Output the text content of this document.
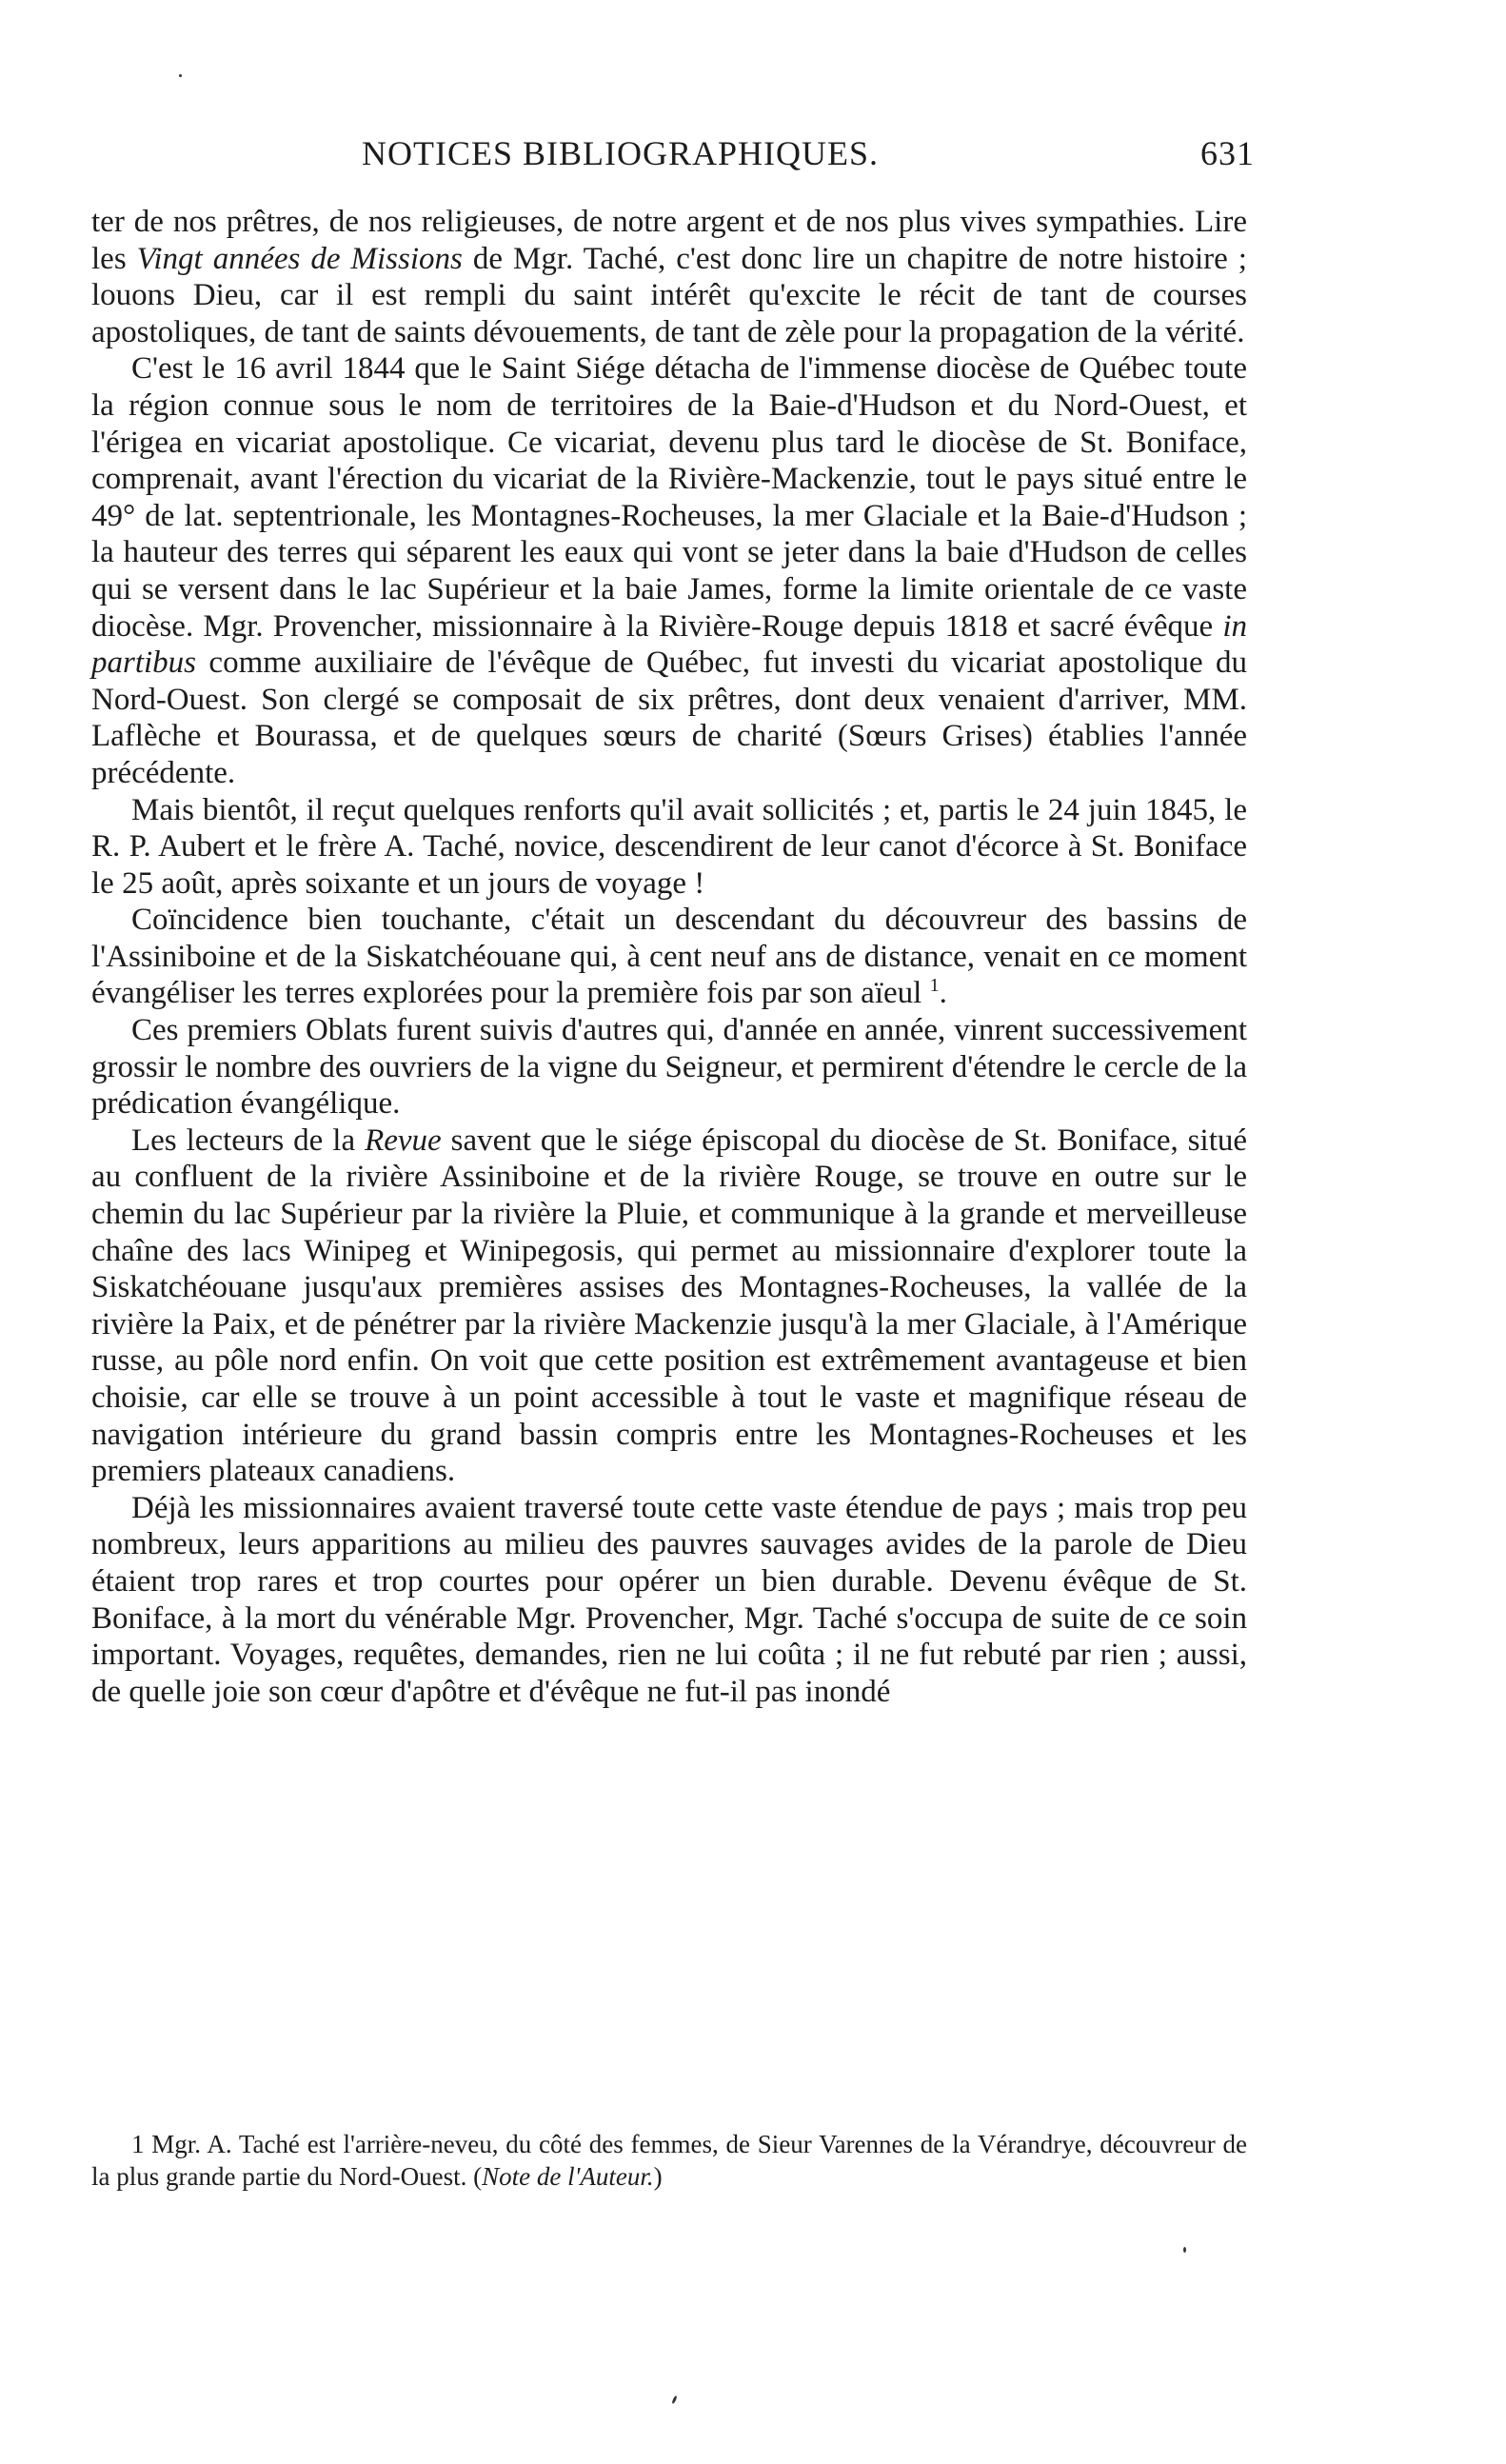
NOTICES BIBLIOGRAPHIQUES.	631

ter de nos prêtres, de nos religieuses, de notre argent et de nos plus vives sympathies. Lire les Vingt années de Missions de Mgr. Taché, c'est donc lire un chapitre de notre histoire ; louons Dieu, car il est rempli du saint intérêt qu'excite le récit de tant de courses apostoliques, de tant de saints dévouements, de tant de zèle pour la propagation de la vérité.

C'est le 16 avril 1844 que le Saint Siége détacha de l'immense diocèse de Québec toute la région connue sous le nom de territoires de la Baie-d'Hudson et du Nord-Ouest, et l'érigea en vicariat apostolique. Ce vicariat, devenu plus tard le diocèse de St. Boniface, comprenait, avant l'érection du vicariat de la Rivière-Mackenzie, tout le pays situé entre le 49° de lat. septentrionale, les Montagnes-Rocheuses, la mer Glaciale et la Baie-d'Hudson ; la hauteur des terres qui séparent les eaux qui vont se jeter dans la baie d'Hudson de celles qui se versent dans le lac Supérieur et la baie James, forme la limite orientale de ce vaste diocèse. Mgr. Provencher, missionnaire à la Rivière-Rouge depuis 1818 et sacré évêque in partibus comme auxiliaire de l'évêque de Québec, fut investi du vicariat apostolique du Nord-Ouest. Son clergé se composait de six prêtres, dont deux venaient d'arriver, MM. Laflèche et Bourassa, et de quelques sœurs de charité (Sœurs Grises) établies l'année précédente.

Mais bientôt, il reçut quelques renforts qu'il avait sollicités ; et, partis le 24 juin 1845, le R. P. Aubert et le frère A. Taché, novice, descendirent de leur canot d'écorce à St. Boniface le 25 août, après soixante et un jours de voyage !

Coïncidence bien touchante, c'était un descendant du découvreur des bassins de l'Assiniboine et de la Siskatchéouane qui, à cent neuf ans de distance, venait en ce moment évangéliser les terres explorées pour la première fois par son aïeul $^1$.

Ces premiers Oblats furent suivis d'autres qui, d'année en année, vinrent successivement grossir le nombre des ouvriers de la vigne du Seigneur, et permirent d'étendre le cercle de la prédication évangélique.

Les lecteurs de la Revue savent que le siége épiscopal du diocèse de St. Boniface, situé au confluent de la rivière Assiniboine et de la rivière Rouge, se trouve en outre sur le chemin du lac Supérieur par la rivière la Pluie, et communique à la grande et merveilleuse chaîne des lacs Winipeg et Winipegosis, qui permet au missionnaire d'explorer toute la Siskatchéouane jusqu'aux premières assises des Montagnes-Rocheuses, la vallée de la rivière la Paix, et de pénétrer par la rivière Mackenzie jusqu'à la mer Glaciale, à l'Amérique russe, au pôle nord enfin. On voit que cette position est extrêmement avantageuse et bien choisie, car elle se trouve à un point accessible à tout le vaste et magnifique réseau de navigation intérieure du grand bassin compris entre les Montagnes-Rocheuses et les premiers plateaux canadiens.

Déjà les missionnaires avaient traversé toute cette vaste étendue de pays ; mais trop peu nombreux, leurs apparitions au milieu des pauvres sauvages avides de la parole de Dieu étaient trop rares et trop courtes pour opérer un bien durable. Devenu évêque de St. Boniface, à la mort du vénérable Mgr. Provencher, Mgr. Taché s'occupa de suite de ce soin important. Voyages, requêtes, demandes, rien ne lui coûta ; il ne fut rebuté par rien ; aussi, de quelle joie son cœur d'apôtre et d'évêque ne fut-il pas inondé

1 Mgr. A. Taché est l'arrière-neveu, du côté des femmes, de Sieur Varennes de la Vérandrye, découvreur de la plus grande partie du Nord-Ouest. (Note de l'Auteur.)
